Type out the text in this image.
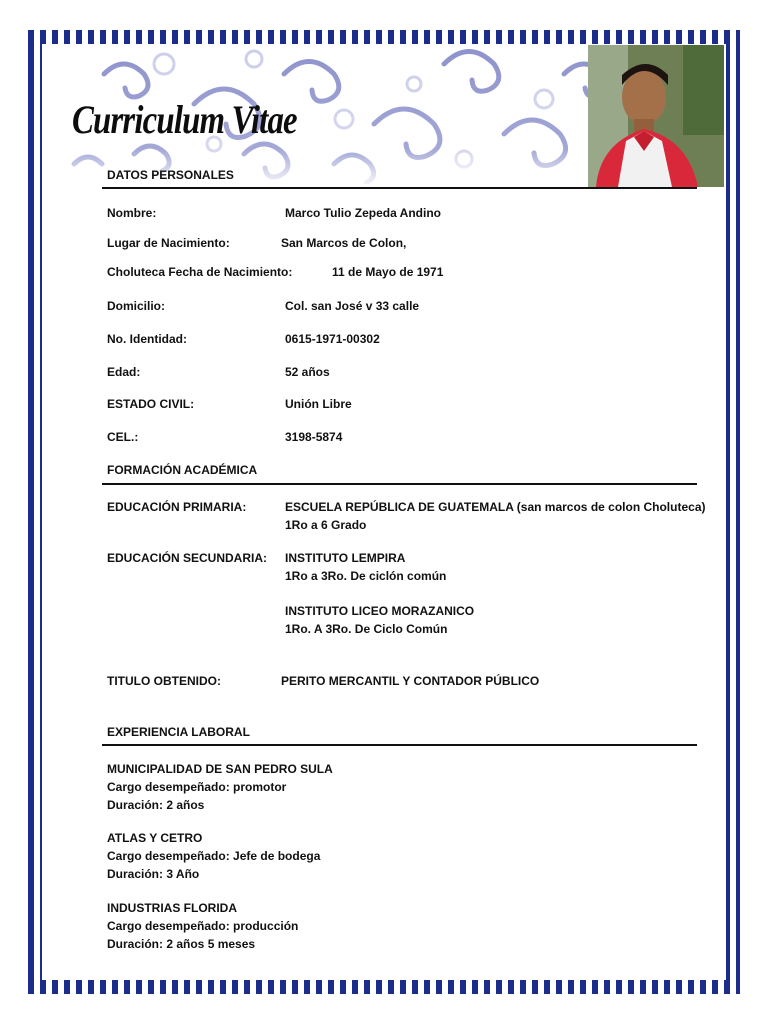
Curriculum Vitae
DATOS PERSONALES
Nombre:	Marco Tulio Zepeda Andino
Lugar de Nacimiento:	San Marcos de Colon,
Choluteca Fecha de Nacimiento:	11 de Mayo de 1971
Domicilio:	Col. san José v 33 calle
No. Identidad:	0615-1971-00302
Edad:	52 años
ESTADO CIVIL:	Unión Libre
CEL.:	3198-5874
FORMACIÓN ACADÉMICA
EDUCACIÓN PRIMARIA:	ESCUELA REPÚBLICA DE GUATEMALA (san marcos de colon Choluteca)
1Ro a 6 Grado
EDUCACIÓN SECUNDARIA: INSTITUTO LEMPIRA
1Ro a 3Ro. De ciclón común
INSTITUTO LICEO MORAZANICO
1Ro. A 3Ro. De Ciclo Común
TITULO OBTENIDO:	PERITO MERCANTIL Y CONTADOR PÚBLICO
EXPERIENCIA LABORAL
MUNICIPALIDAD DE SAN PEDRO SULA
Cargo desempeñado: promotor
Duración: 2 años
ATLAS Y CETRO
Cargo desempeñado: Jefe de bodega
Duración: 3 Año
INDUSTRIAS FLORIDA
Cargo desempeñado: producción
Duración: 2 años 5 meses
